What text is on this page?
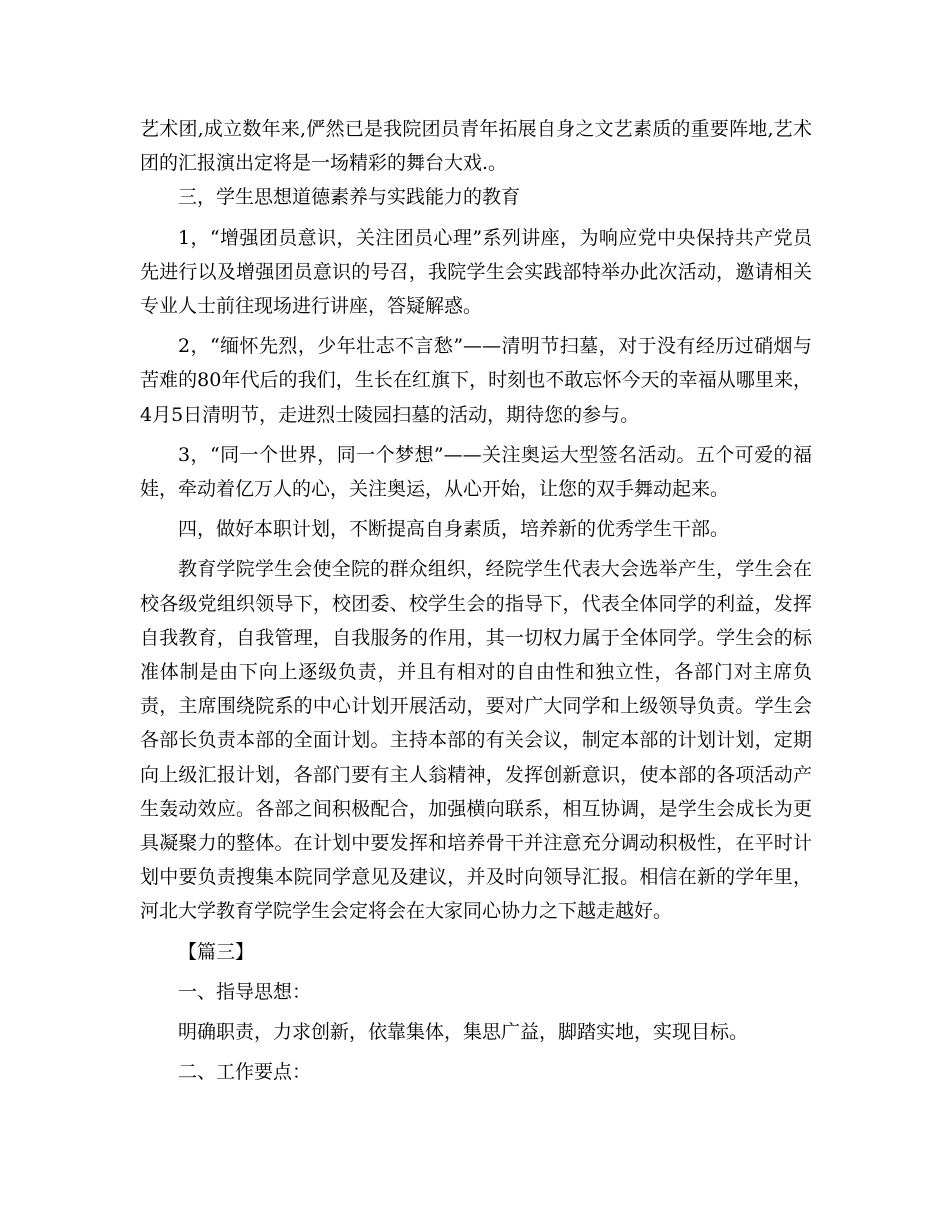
艺术团,成立数年来,俨然已是我院团员青年拓展自身之文艺素质的重要阵地,艺术团的汇报演出定将是一场精彩的舞台大戏.。

三，学生思想道德素养与实践能力的教育

1，“增强团员意识，关注团员心理”系列讲座，为响应党中央保持共产党员先进行以及增强团员意识的号召，我院学生会实践部特举办此次活动，邀请相关专业人士前往现场进行讲座，答疑解惑。

2，“缅怀先烈，少年壮志不言愁”——清明节扫墓，对于没有经历过硝烟与苦难的80年代后的我们，生长在红旗下，时刻也不敢忘怀今天的幸福从哪里来，4月5日清明节，走进烈士陵园扫墓的活动，期待您的参与。

3，“同一个世界，同一个梦想”——关注奥运大型签名活动。五个可爱的福娃，牵动着亿万人的心，关注奥运，从心开始，让您的双手舞动起来。

四，做好本职计划，不断提高自身素质，培养新的优秀学生干部。

教育学院学生会使全院的群众组织，经院学生代表大会选举产生，学生会在校各级党组织领导下，校团委、校学生会的指导下，代表全体同学的利益，发挥自我教育，自我管理，自我服务的作用，其一切权力属于全体同学。学生会的标准体制是由下向上逐级负责，并且有相对的自由性和独立性，各部门对主席负责，主席围绕院系的中心计划开展活动，要对广大同学和上级领导负责。学生会各部长负责本部的全面计划。主持本部的有关会议，制定本部的计划计划，定期向上级汇报计划，各部门要有主人翁精神，发挥创新意识，使本部的各项活动产生轰动效应。各部之间积极配合，加强横向联系，相互协调，是学生会成长为更具凝聚力的整体。在计划中要发挥和培养骨干并注意充分调动积极性，在平时计划中要负责搜集本院同学意见及建议，并及时向领导汇报。相信在新的学年里，河北大学教育学院学生会定将会在大家同心协力之下越走越好。

【篇三】

一、指导思想：

明确职责，力求创新，依靠集体，集思广益，脚踏实地，实现目标。

二、工作要点：
